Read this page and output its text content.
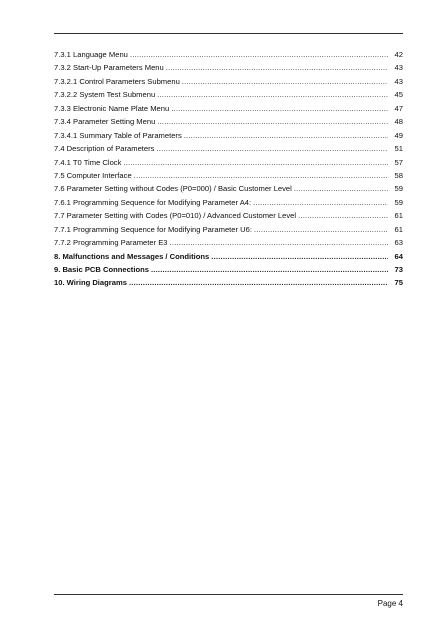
7.3.1 Language Menu .....	42
7.3.2 Start-Up Parameters Menu .....	43
7.3.2.1 Control Parameters Submenu .....	43
7.3.2.2 System Test Submenu .....	45
7.3.3 Electronic Name Plate Menu .....	47
7.3.4 Parameter Setting Menu .....	48
7.3.4.1 Summary Table of Parameters .....	49
7.4 Description of Parameters .....	51
7.4.1 T0 Time Clock .....	57
7.5 Computer Interface .....	58
7.6 Parameter Setting without Codes (P0=000) / Basic Customer Level .....	59
7.6.1 Programming Sequence for Modifying Parameter A4: .....	59
7.7 Parameter Setting with Codes (P0=010) / Advanced Customer Level .....	61
7.7.1 Programming Sequence for Modifying Parameter U6: .....	61
7.7.2 Programming Parameter E3 .....	63
8. Malfunctions and Messages / Conditions .....	64
9. Basic PCB Connections .....	73
10. Wiring Diagrams .....	75
Page 4
